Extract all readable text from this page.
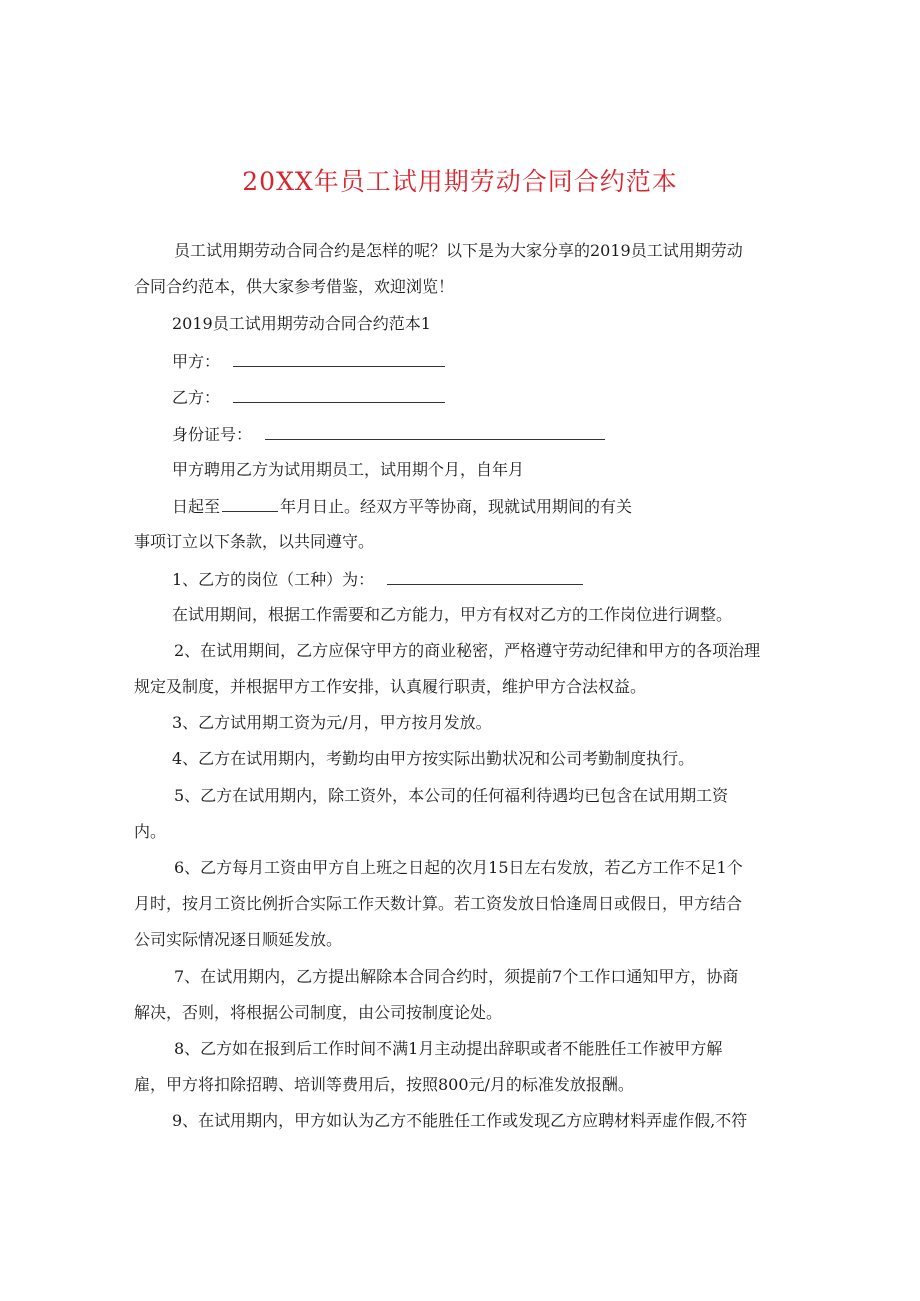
20XX年员工试用期劳动合同合约范本
员工试用期劳动合同合约是怎样的呢？以下是为大家分享的2019员工试用期劳动
合同合约范本，供大家参考借鉴，欢迎浏览！
2019员工试用期劳动合同合约范本1
甲方：
乙方：
身份证号：
甲方聘用乙方为试用期员工，试用期个月，自年月
日起至	年月日止。经双方平等协商，现就试用期间的有关
事项订立以下条款，以共同遵守。
1、乙方的岗位（工种）为：
在试用期间，根据工作需要和乙方能力，甲方有权对乙方的工作岗位进行调整。
2、在试用期间，乙方应保守甲方的商业秘密，严格遵守劳动纪律和甲方的各项治理
规定及制度，并根据甲方工作安排，认真履行职责，维护甲方合法权益。
3、乙方试用期工资为元/月，甲方按月发放。
4、乙方在试用期内，考勤均由甲方按实际出勤状况和公司考勤制度执行。
5、乙方在试用期内，除工资外，本公司的任何福利待遇均已包含在试用期工资
内。
6、乙方每月工资由甲方自上班之日起的次月15日左右发放，若乙方工作不足1个
月时，按月工资比例折合实际工作天数计算。若工资发放日恰逢周日或假日，甲方结合
公司实际情况逐日顺延发放。
7、在试用期内，乙方提出解除本合同合约时，须提前7个工作口通知甲方，协商
解决，否则，将根据公司制度，由公司按制度论处。
8、乙方如在报到后工作时间不满1月主动提出辞职或者不能胜任工作被甲方解
雇，甲方将扣除招聘、培训等费用后，按照800元/月的标准发放报酬。
9、在试用期内，甲方如认为乙方不能胜任工作或发现乙方应聘材料弄虚作假,不符
